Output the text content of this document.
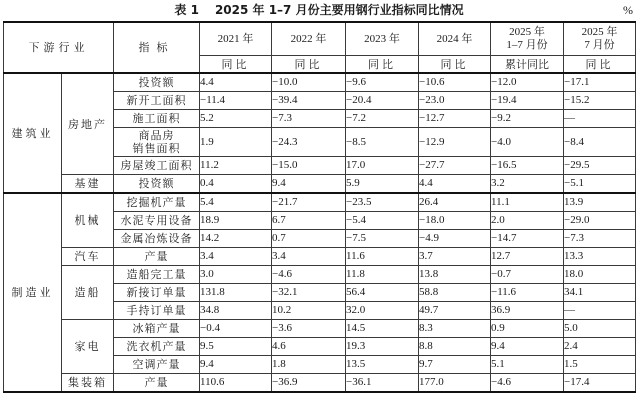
表 1 2025 年 1–7 月份主要用钢行业指标同比情况	%
下游行业		指标	2021 年	2022 年	2023 年	2024 年	2025 年
1–7 月份	2025 年
7 月份
			同比	同比	同比	同比	累计同比	同比
建筑业	房地产	投资额	4.4	−10.0	−9.6	−10.6	−12.0	−17.1
		新开工面积	−11.4	−39.4	−20.4	−23.0	−19.4	−15.2
		施工面积	5.2	−7.3	−7.2	−12.7	−9.2	—
		商品房
销售面积	1.9	−24.3	−8.5	−12.9	−4.0	−8.4
		房屋竣工面积	11.2	−15.0	17.0	−27.7	−16.5	−29.5
	基建	投资额	0.4	9.4	5.9	4.4	3.2	−5.1
制造业	机械	挖掘机产量	5.4	−21.7	−23.5	26.4	11.1	13.9
		水泥专用设备	18.9	6.7	−5.4	−18.0	2.0	−29.0
		金属冶炼设备	14.2	0.7	−7.5	−4.9	−14.7	−7.3
	汽车	产量	3.4	3.4	11.6	3.7	12.7	13.3
	造船	造船完工量	3.0	−4.6	11.8	13.8	−0.7	18.0
		新接订单量	131.8	−32.1	56.4	58.8	−11.6	34.1
		手持订单量	34.8	10.2	32.0	49.7	36.9	—
	家电	冰箱产量	−0.4	−3.6	14.5	8.3	0.9	5.0
		洗衣机产量	9.5	4.6	19.3	8.8	9.4	2.4
		空调产量	9.4	1.8	13.5	9.7	5.1	1.5
	集装箱	产量	110.6	−36.9	−36.1	177.0	−4.6	−17.4
